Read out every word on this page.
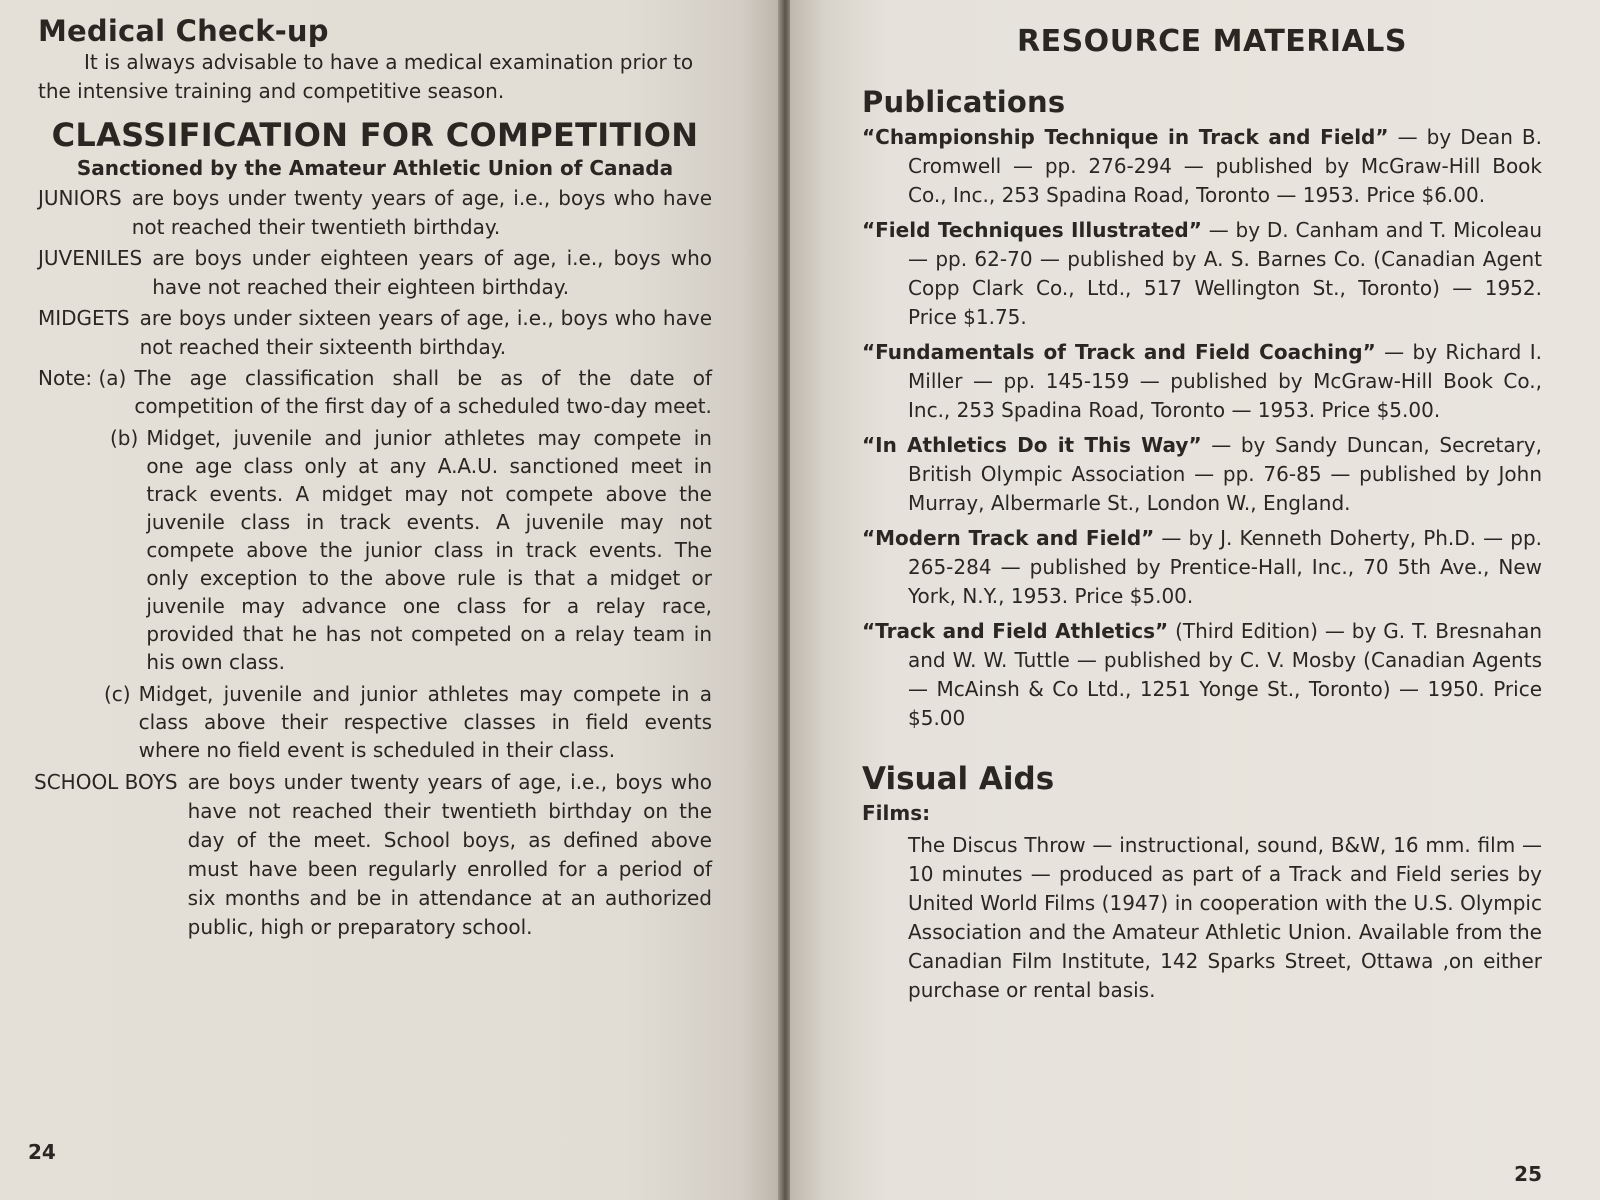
Medical Check-up

It is always advisable to have a medical examination prior to the intensive training and competitive season.

CLASSIFICATION FOR COMPETITION
Sanctioned by the Amateur Athletic Union of Canada
JUNIORS are boys under twenty years of age, i.e., boys who have not reached their twentieth birthday.
JUVENILES are boys under eighteen years of age, i.e., boys who have not reached their eighteen birthday.
MIDGETS are boys under sixteen years of age, i.e., boys who have not reached their sixteenth birthday.
Note: (a) The age classification shall be as of the date of competition of the first day of a scheduled two-day meet.
(b) Midget, juvenile and junior athletes may compete in one age class only at any A.A.U. sanctioned meet in track events. A midget may not compete above the juvenile class in track events. A juvenile may not compete above the junior class in track events. The only exception to the above rule is that a midget or juvenile may advance one class for a relay race, provided that he has not competed on a relay team in his own class.
(c) Midget, juvenile and junior athletes may compete in a class above their respective classes in field events where no field event is scheduled in their class.
SCHOOL BOYS are boys under twenty years of age, i.e., boys who have not reached their twentieth birthday on the day of the meet. School boys, as defined above must have been regularly enrolled for a period of six months and be in attendance at an authorized public, high or preparatory school.
24
RESOURCE MATERIALS
Publications

“Championship Technique in Track and Field” — by Dean B. Cromwell — pp. 276-294 — published by McGraw-Hill Book Co., Inc., 253 Spadina Road, Toronto — 1953. Price $6.00.

“Field Techniques Illustrated” — by D. Canham and T. Micoleau — pp. 62-70 — published by A. S. Barnes Co. (Canadian Agent Copp Clark Co., Ltd., 517 Wellington St., Toronto) — 1952. Price $1.75.

“Fundamentals of Track and Field Coaching” — by Richard I. Miller — pp. 145-159 — published by McGraw-Hill Book Co., Inc., 253 Spadina Road, Toronto — 1953. Price $5.00.

“In Athletics Do it This Way” — by Sandy Duncan, Secretary, British Olympic Association — pp. 76-85 — published by John Murray, Albermarle St., London W., England.

“Modern Track and Field” — by J. Kenneth Doherty, Ph.D. — pp. 265-284 — published by Prentice-Hall, Inc., 70 5th Ave., New York, N.Y., 1953. Price $5.00.

“Track and Field Athletics” (Third Edition) — by G. T. Bresnahan and W. W. Tuttle — published by C. V. Mosby (Canadian Agents — McAinsh & Co Ltd., 1251 Yonge St., Toronto) — 1950. Price $5.00

Visual Aids
Films:

The Discus Throw — instructional, sound, B&W, 16 mm. film — 10 minutes — produced as part of a Track and Field series by United World Films (1947) in cooperation with the U.S. Olympic Association and the Amateur Athletic Union. Available from the Canadian Film Institute, 142 Sparks Street, Ottawa ,on either purchase or rental basis.

25
